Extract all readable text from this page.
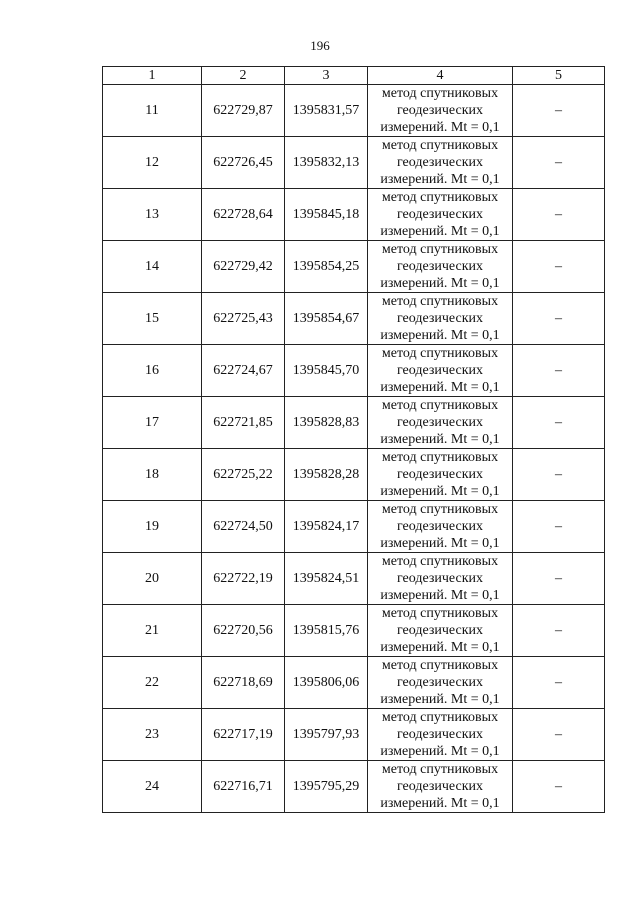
196
1	2	3	4	5
11	622729,87	1395831,57	метод спутниковых
геодезических
измерений. Mt = 0,1	–
12	622726,45	1395832,13	метод спутниковых
геодезических
измерений. Mt = 0,1	–
13	622728,64	1395845,18	метод спутниковых
геодезических
измерений. Mt = 0,1	–
14	622729,42	1395854,25	метод спутниковых
геодезических
измерений. Mt = 0,1	–
15	622725,43	1395854,67	метод спутниковых
геодезических
измерений. Mt = 0,1	–
16	622724,67	1395845,70	метод спутниковых
геодезических
измерений. Mt = 0,1	–
17	622721,85	1395828,83	метод спутниковых
геодезических
измерений. Mt = 0,1	–
18	622725,22	1395828,28	метод спутниковых
геодезических
измерений. Mt = 0,1	–
19	622724,50	1395824,17	метод спутниковых
геодезических
измерений. Mt = 0,1	–
20	622722,19	1395824,51	метод спутниковых
геодезических
измерений. Mt = 0,1	–
21	622720,56	1395815,76	метод спутниковых
геодезических
измерений. Mt = 0,1	–
22	622718,69	1395806,06	метод спутниковых
геодезических
измерений. Mt = 0,1	–
23	622717,19	1395797,93	метод спутниковых
геодезических
измерений. Mt = 0,1	–
24	622716,71	1395795,29	метод спутниковых
геодезических
измерений. Mt = 0,1	–
